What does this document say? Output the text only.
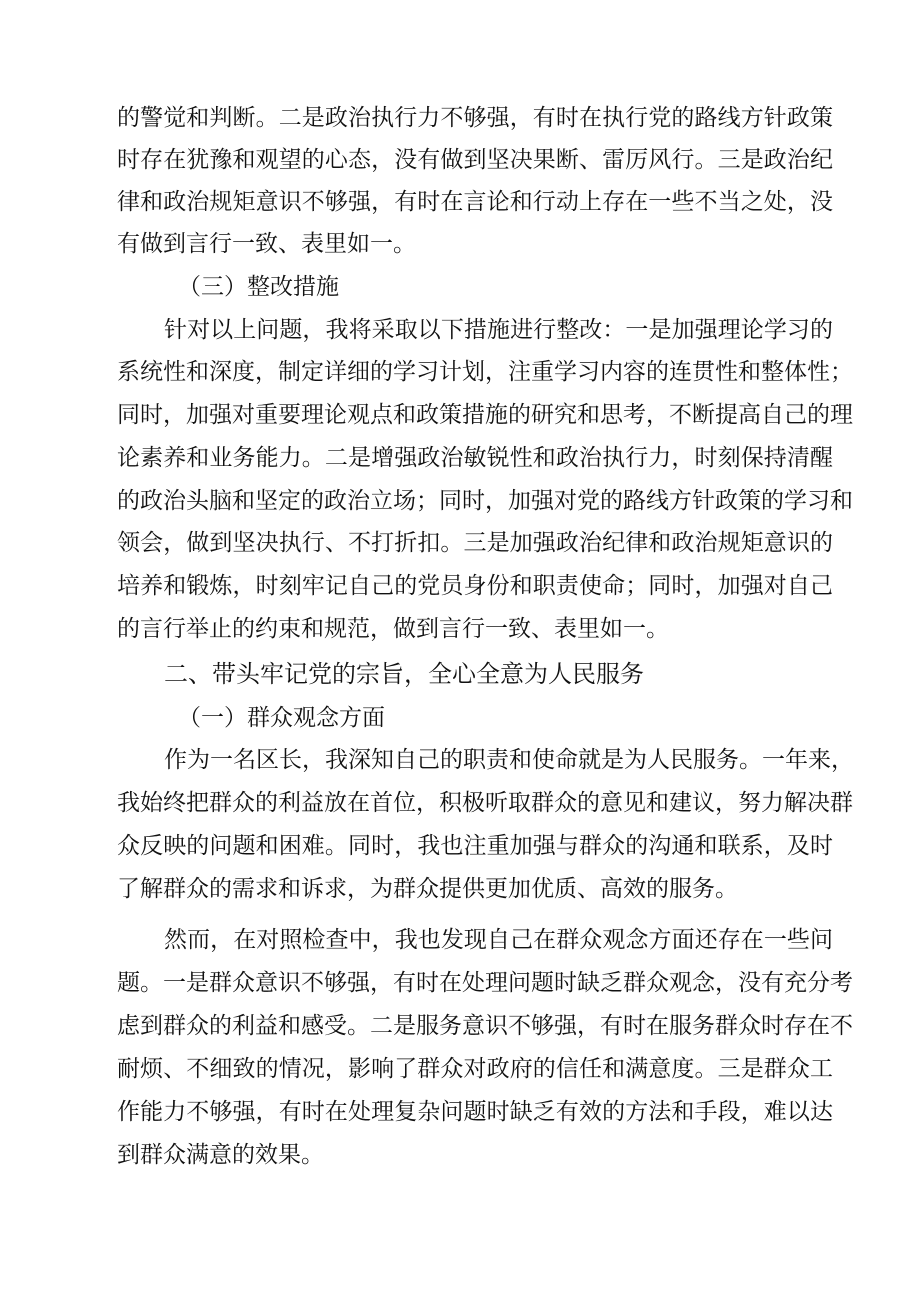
的警觉和判断。二是政治执行力不够强，有时在执行党的路线方针政策

时存在犹豫和观望的心态，没有做到坚决果断、雷厉风行。三是政治纪

律和政治规矩意识不够强，有时在言论和行动上存在一些不当之处，没

有做到言行一致、表里如一。

（三）整改措施

针对以上问题，我将采取以下措施进行整改：一是加强理论学习的

系统性和深度，制定详细的学习计划，注重学习内容的连贯性和整体性；

同时，加强对重要理论观点和政策措施的研究和思考，不断提高自己的理

论素养和业务能力。二是增强政治敏锐性和政治执行力，时刻保持清醒

的政治头脑和坚定的政治立场；同时，加强对党的路线方针政策的学习和

领会，做到坚决执行、不打折扣。三是加强政治纪律和政治规矩意识的

培养和锻炼，时刻牢记自己的党员身份和职责使命；同时，加强对自己

的言行举止的约束和规范，做到言行一致、表里如一。

二、带头牢记党的宗旨，全心全意为人民服务

（一）群众观念方面

作为一名区长，我深知自己的职责和使命就是为人民服务。一年来，

我始终把群众的利益放在首位，积极听取群众的意见和建议，努力解决群

众反映的问题和困难。同时，我也注重加强与群众的沟通和联系，及时

了解群众的需求和诉求，为群众提供更加优质、高效的服务。

然而，在对照检查中，我也发现自己在群众观念方面还存在一些问

题。一是群众意识不够强，有时在处理问题时缺乏群众观念，没有充分考

虑到群众的利益和感受。二是服务意识不够强，有时在服务群众时存在不

耐烦、不细致的情况，影响了群众对政府的信任和满意度。三是群众工

作能力不够强，有时在处理复杂问题时缺乏有效的方法和手段，难以达

到群众满意的效果。
